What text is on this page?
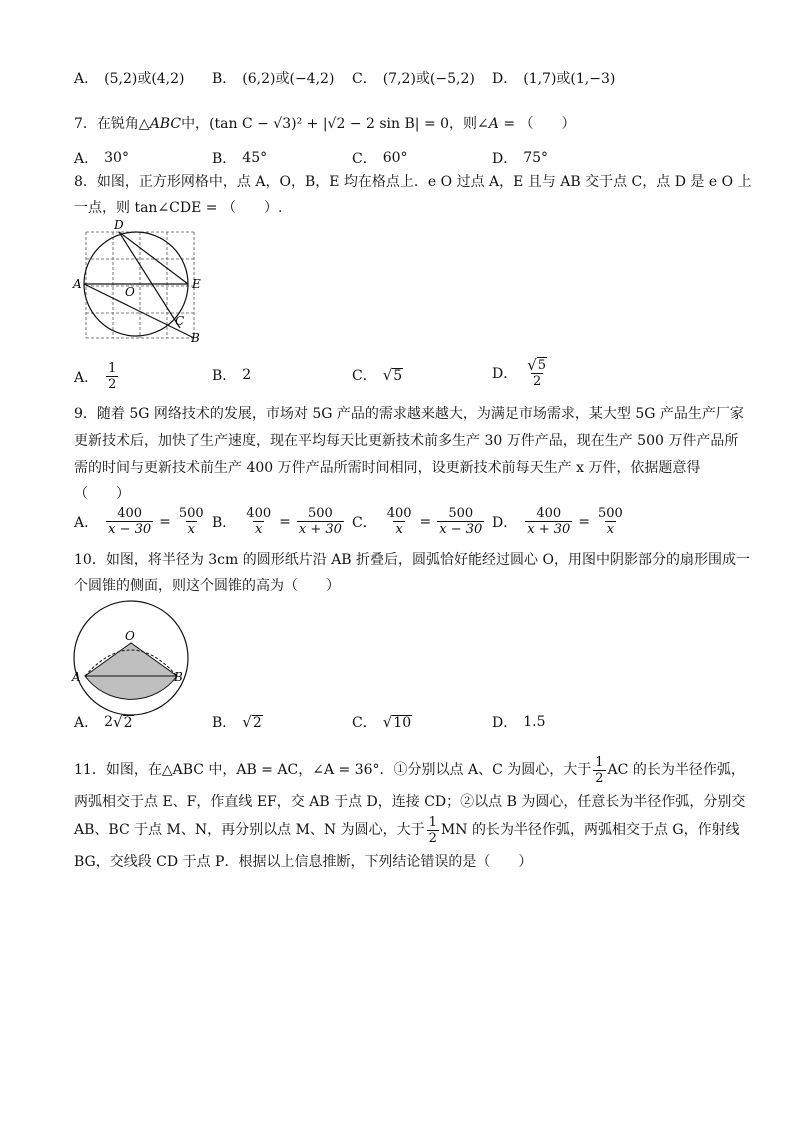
A． (5,2)或(4,2) B． (6,2)或(−4,2) C． (7,2)或(−5,2) D． (1,7)或(1,−3)
7．在锐角△ABC中，(tan C − √3)² + |√2 − 2 sin B| = 0，则∠A = （　　）
A． 30°	B． 45°	C． 60°	D． 75°
8．如图，正方形网格中，点 A，O，B，E 均在格点上．e O 过点 A，E 且与 AB 交于点 C，点 D 是 e O 上
一点，则 tan∠CDE = （　　）.
D
A
O
E
C
B
A． $\frac{1}{2}$	B． 2	C． √ 5	D． $\frac{√ 5}{2}$
9．随着 5G 网络技术的发展，市场对 5G 产品的需求越来越大，为满足市场需求，某大型 5G 产品生产厂家
更新技术后，加快了生产速度，现在平均每天比更新技术前多生产 30 万件产品，现在生产 500 万件产品所
需的时间与更新技术前生产 400 万件产品所需时间相同，设更新技术前每天生产 x 万件，依据题意得
（　　）
A． $\frac{400}{x - 30} = \frac{500}{x}$ B． $\frac{400}{x} = \frac{500}{x + 30}$ C． $\frac{400}{x} = \frac{500}{x - 30}$ D． $\frac{400}{x + 30} = \frac{500}{x}$
10．如图，将半径为 3cm 的圆形纸片沿 AB 折叠后，圆弧恰好能经过圆心 O，用图中阴影部分的扇形围成一
个圆锥的侧面，则这个圆锥的高为（　　）
O
A	B
A． 2 √ 2	B． √ 2	C． √ 10	D． 1.5
11．如图，在△ABC 中，AB = AC，∠A = 36°．①分别以点 A、C 为圆心，大于 $\frac{1}{2}$ AC 的长为半径作弧，
两弧相交于点 E、F，作直线 EF，交 AB 于点 D，连接 CD；②以点 B 为圆心，任意长为半径作弧，分别交
AB、BC 于点 M、N，再分别以点 M、N 为圆心，大于 $\frac{1}{2}$ MN 的长为半径作弧，两弧相交于点 G，作射线
BG，交线段 CD 于点 P．根据以上信息推断，下列结论错误的是（　　）
